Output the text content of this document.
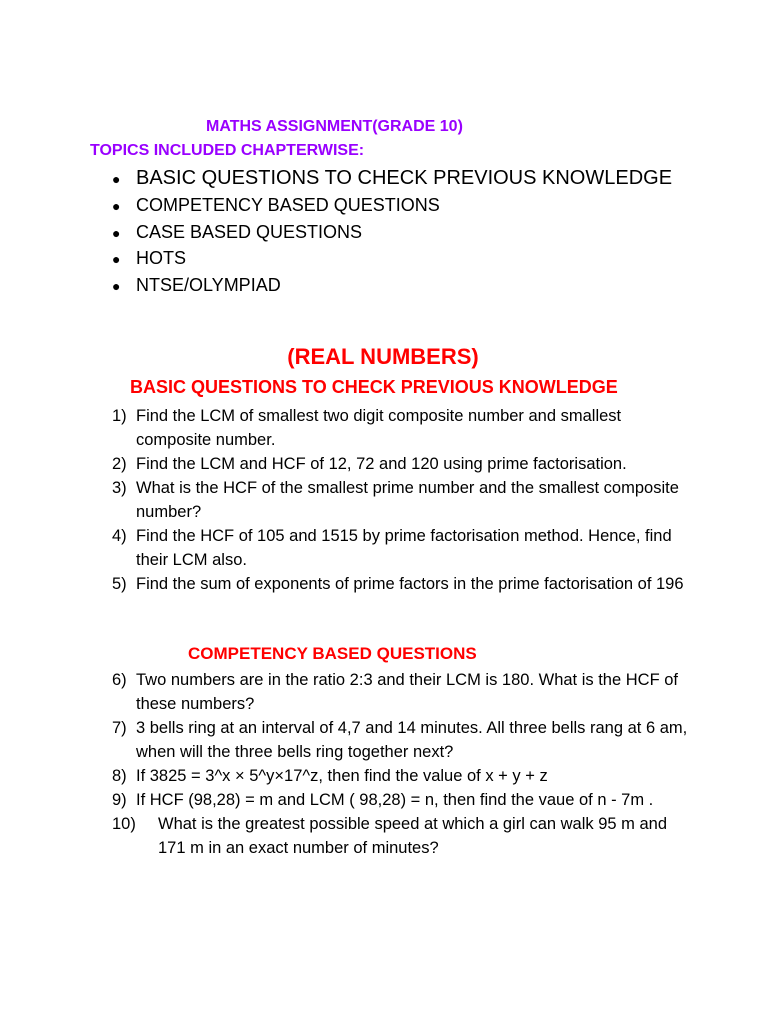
MATHS ASSIGNMENT(GRADE 10)

TOPICS INCLUDED CHAPTERWISE:

● BASIC QUESTIONS TO CHECK PREVIOUS KNOWLEDGE
● COMPETENCY BASED QUESTIONS
● CASE BASED QUESTIONS
● HOTS
● NTSE/OLYMPIAD

(REAL NUMBERS)

BASIC QUESTIONS TO CHECK PREVIOUS KNOWLEDGE

1) Find the LCM of smallest two digit composite number and smallest composite number.
2) Find the LCM and HCF of 12, 72 and 120 using prime factorisation.
3) What is the HCF of the smallest prime number and the smallest composite number?
4) Find the HCF of 105 and 1515 by prime factorisation method. Hence, find their LCM also.
5) Find the sum of exponents of prime factors in the prime factorisation of 196

COMPETENCY BASED QUESTIONS

6) Two numbers are in the ratio 2:3 and their LCM is 180. What is the HCF of these numbers?
7) 3 bells ring at an interval of 4,7 and 14 minutes. All three bells rang at 6 am, when will the three bells ring together next?
8) If 3825 = 3^x × 5^y×17^z, then find the value of x + y + z
9) If HCF (98,28) = m and LCM ( 98,28) = n, then find the vaue of n - 7m .
10)	What is the greatest possible speed at which a girl can walk 95 m and 171 m in an exact number of minutes?
